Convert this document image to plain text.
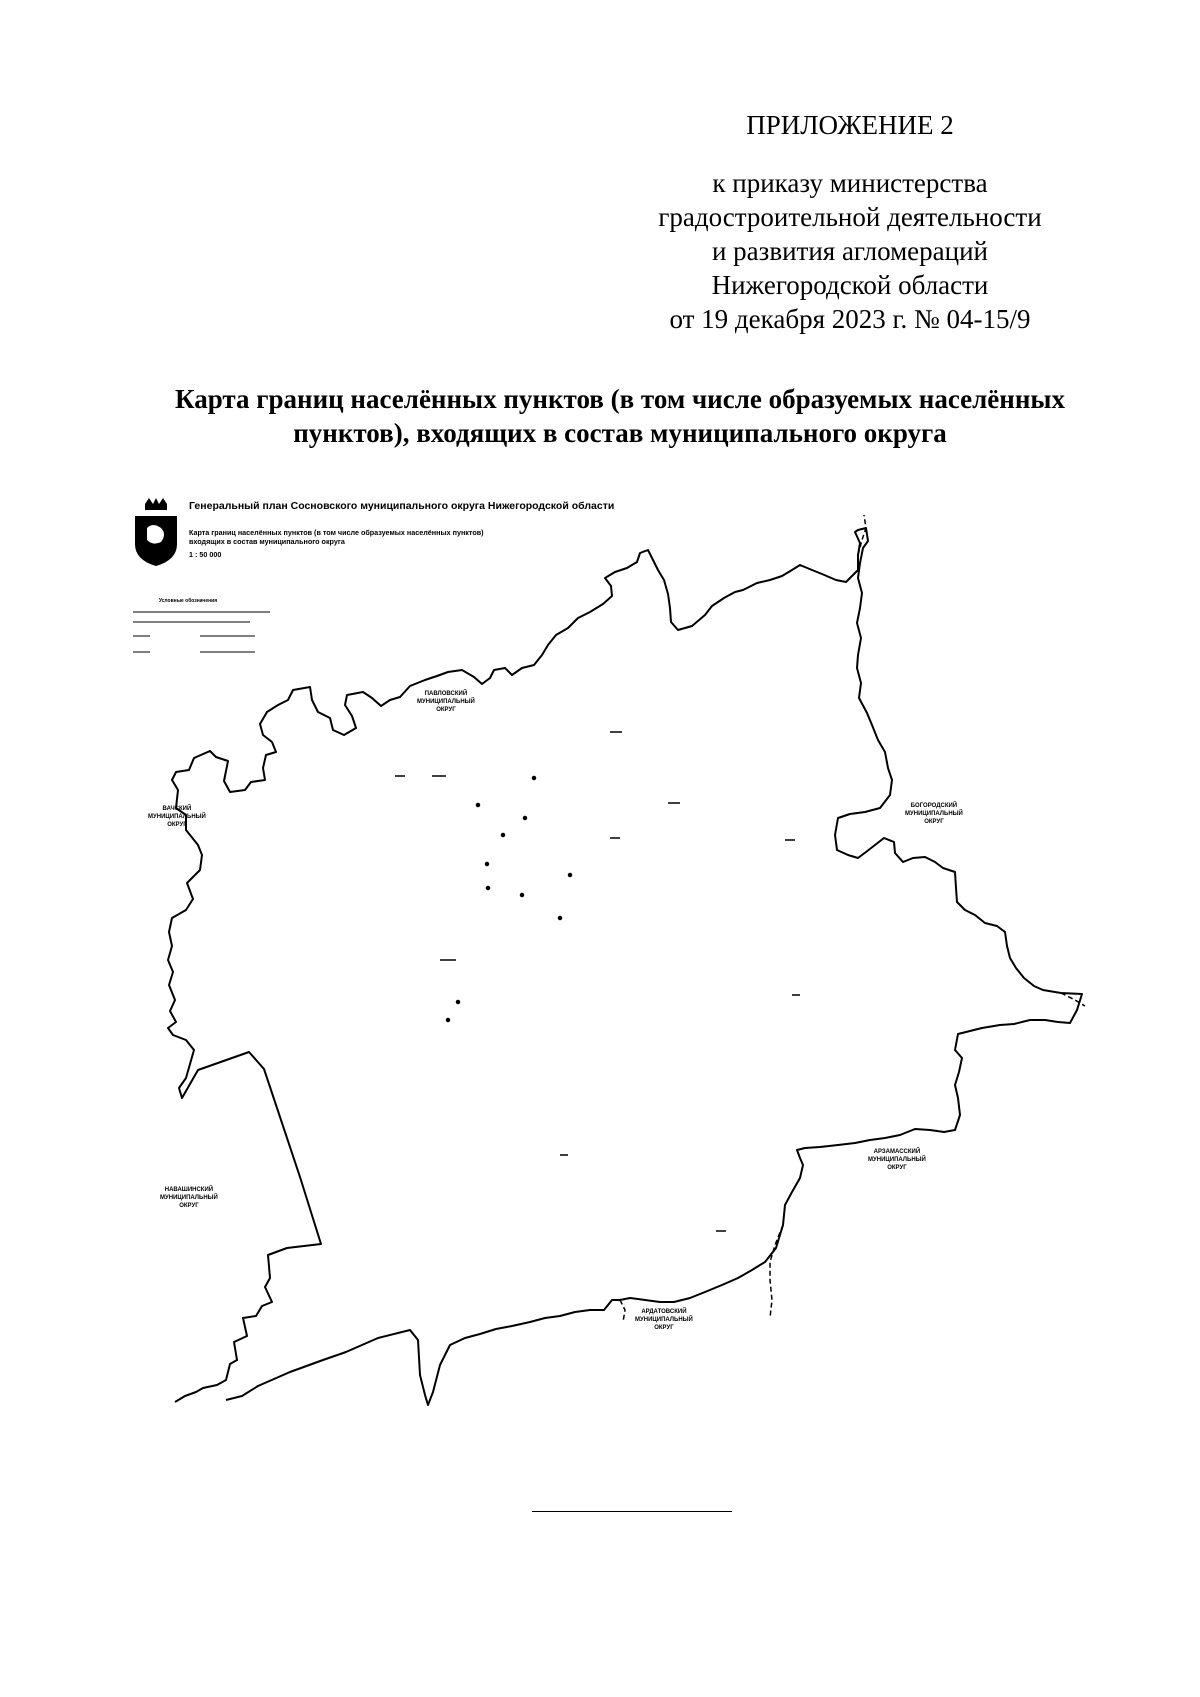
ПРИЛОЖЕНИЕ 2
к приказу министерства
градостроительной деятельности
и развития агломераций
Нижегородской области
от 19 декабря 2023 г. № 04-15/9
Карта границ населённых пунктов (в том числе образуемых населённых
пунктов), входящих в состав муниципального округа
Генеральный план Сосновского муниципального округа Нижегородской области
Карта границ населённых пунктов (в том числе образуемых населённых пунктов)
входящих в состав муниципального округа
1 : 50 000
Условные обозначения
ПАВЛОВСКИЙ
МУНИЦИПАЛЬНЫЙ
ОКРУГ
ВАЧСКИЙ
МУНИЦИПАЛЬНЫЙ
ОКРУГ
БОГОРОДСКИЙ
МУНИЦИПАЛЬНЫЙ
ОКРУГ
АРЗАМАССКИЙ
МУНИЦИПАЛЬНЫЙ
ОКРУГ
НАВАШИНСКИЙ
МУНИЦИПАЛЬНЫЙ
ОКРУГ
АРДАТОВСКИЙ
МУНИЦИПАЛЬНЫЙ
ОКРУГ
